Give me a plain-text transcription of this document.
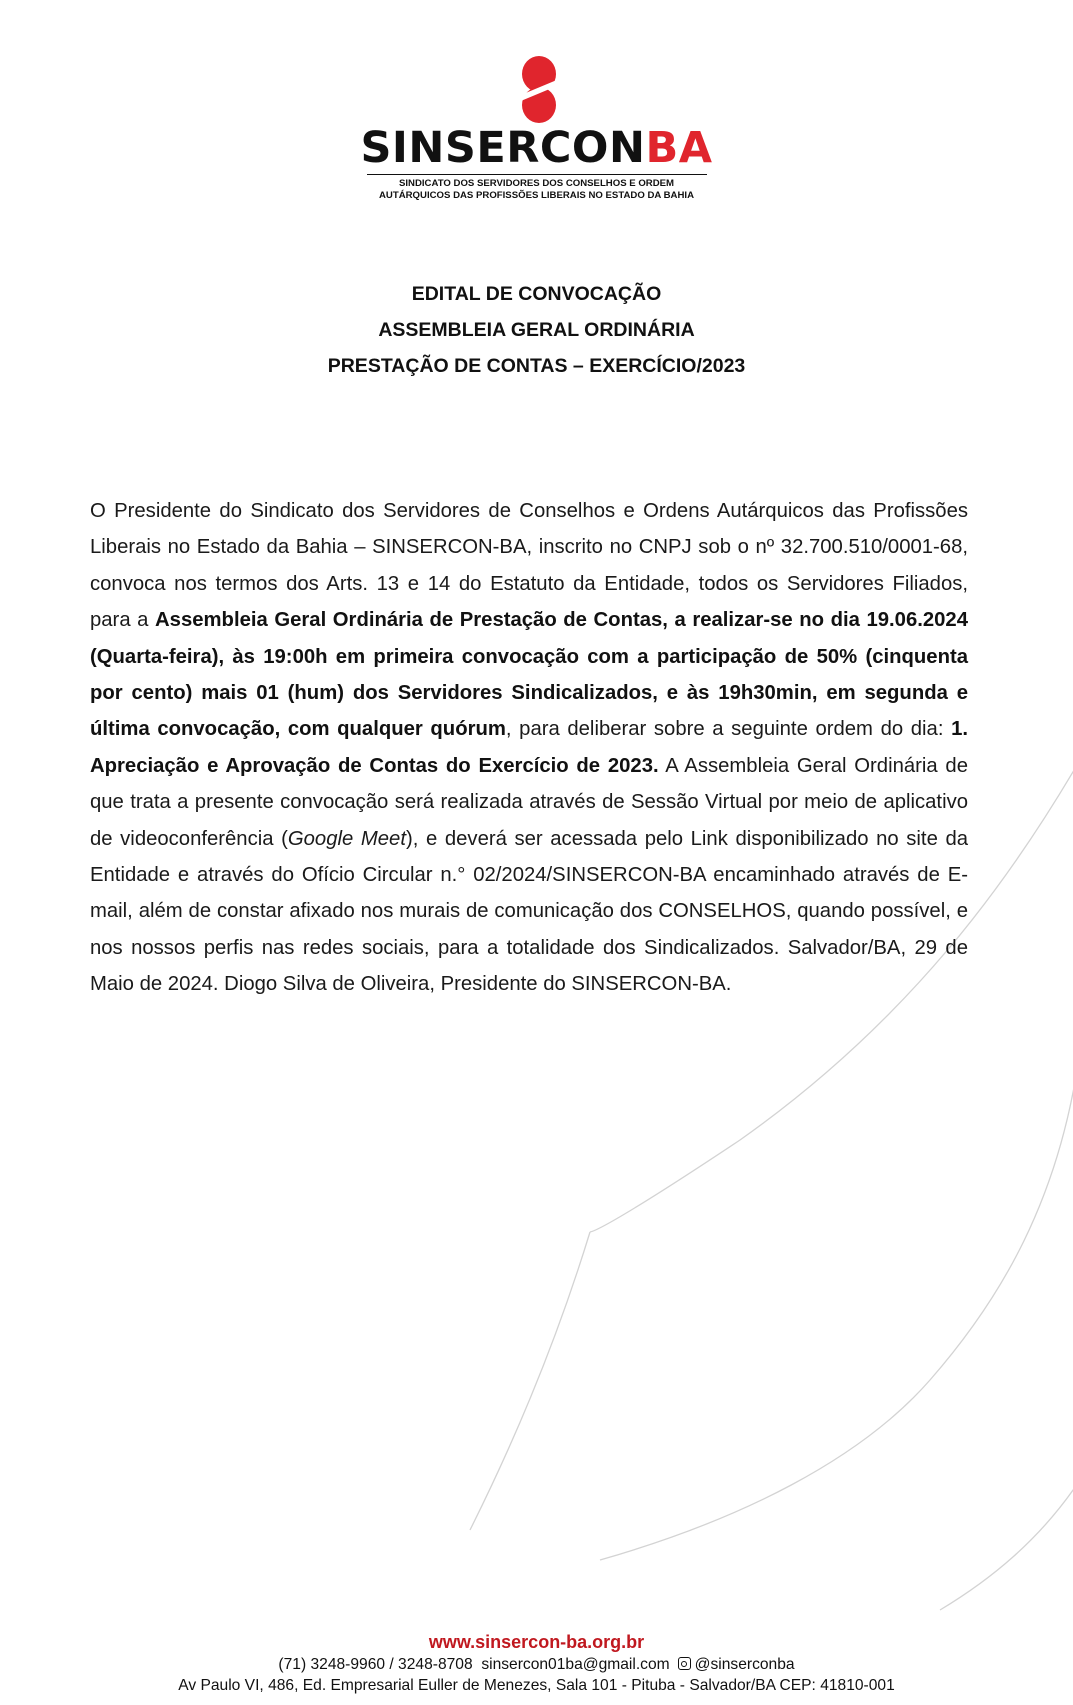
SINSERCONBA
SINDICATO DOS SERVIDORES DOS CONSELHOS E ORDEM
AUTÁRQUICOS DAS PROFISSÕES LIBERAIS NO ESTADO DA BAHIA
EDITAL DE CONVOCAÇÃO
ASSEMBLEIA GERAL ORDINÁRIA
PRESTAÇÃO DE CONTAS – EXERCÍCIO/2023
O Presidente do Sindicato dos Servidores de Conselhos e Ordens Autárquicos das Profissões Liberais no Estado da Bahia – SINSERCON-BA, inscrito no CNPJ sob o nº 32.700.510/0001-68, convoca nos termos dos Arts. 13 e 14 do Estatuto da Entidade, todos os Servidores Filiados, para a Assembleia Geral Ordinária de Prestação de Contas, a realizar-se no dia 19.06.2024 (Quarta-feira), às 19:00h em primeira convocação com a participação de 50% (cinquenta por cento) mais 01 (hum) dos Servidores Sindicalizados, e às 19h30min, em segunda e última convocação, com qualquer quórum, para deliberar sobre a seguinte ordem do dia: 1. Apreciação e Aprovação de Contas do Exercício de 2023. A Assembleia Geral Ordinária de que trata a presente convocação será realizada através de Sessão Virtual por meio de aplicativo de videoconferência (Google Meet), e deverá ser acessada pelo Link disponibilizado no site da Entidade e através do Ofício Circular n.° 02/2024/SINSERCON-BA encaminhado através de E-mail, além de constar afixado nos murais de comunicação dos CONSELHOS, quando possível, e nos nossos perfis nas redes sociais, para a totalidade dos Sindicalizados. Salvador/BA, 29 de Maio de 2024. Diogo Silva de Oliveira, Presidente do SINSERCON-BA.
www.sinsercon-ba.org.br
(71) 3248-9960 / 3248-8708 sinsercon01ba@gmail.com @sinserconba
Av Paulo VI, 486, Ed. Empresarial Euller de Menezes, Sala 101 - Pituba - Salvador/BA CEP: 41810-001
